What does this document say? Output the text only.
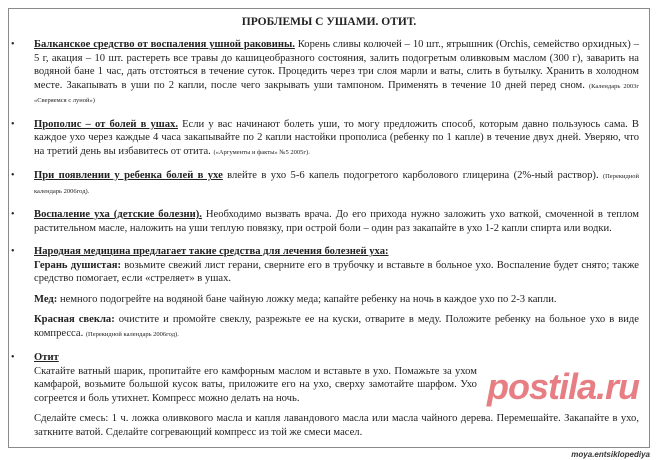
ПРОБЛЕМЫ С УШАМИ. ОТИТ.
• Балканское средство от воспаления ушной раковины. Корень сливы колючей – 10 шт., ятрышник (Orchis, семейство орхидных) – 5 г, акация – 10 шт. растереть все травы до кашицеобразного состояния, залить подогретым оливковым маслом (300 г), заварить на водяной бане 1 час, дать отстояться в течение суток. Процедить через три слоя марли и ваты, слить в бутылку. Хранить в холодном месте. Закапывать в уши по 2 капли, после чего закрывать уши тампоном. Применять в течение 10 дней перед сном. (Календарь 2003г «Сверяемся с луной»)
• Прополис – от болей в ушах. Если у вас начинают болеть уши, то могу предложить способ, которым давно пользуюсь сама. В каждое ухо через каждые 4 часа закапывайте по 2 капли настойки прополиса (ребенку по 1 капле) в течение двух дней. Уверяю, что на третий день вы избавитесь от отита. («Аргументы и факты» №5 2005г).
• При появлении у ребенка болей в ухе влейте в ухо 5-6 капель подогретого карболового глицерина (2%-ный раствор). (Перекидной календарь 2006год).
• Воспаление уха (детские болезни). Необходимо вызвать врача. До его прихода нужно заложить ухо ваткой, смоченной в теплом растительном масле, наложить на уши теплую повязку, при острой боли – один раз закапайте в ухо 1-2 капли спирта или водки.
• Народная медицина предлагает такие средства для лечения болезней уха:

Герань душистая: возьмите свежий лист герани, сверните его в трубочку и вставьте в больное ухо. Воспаление будет снято; также средство помогает, если «стреляет» в ушах.

Мед: немного подогрейте на водяной бане чайную ложку меда; капайте ребенку на ночь в каждое ухо по 2-3 капли.

Красная свекла: очистите и промойте свеклу, разрежьте ее на куски, отварите в меду. Положите ребенку на больное ухо в виде компресса. (Перекидной календарь 2006год).

• Отит

postila.ru

Скатайте ватный шарик, пропитайте его камфорным маслом и вставьте в ухо. Помажьте за ухом камфарой, возьмите большой кусок ваты, приложите его на ухо, сверху замотайте шарфом. Ухо согреется и боль утихнет. Компресс можно делать на ночь.

Сделайте смесь: 1 ч. ложка оливкового масла и капля лавандового масла или масла чайного дерева. Перемешайте. Закапайте в ухо, заткните ватой. Сделайте согревающий компресс из той же смеси масел.

moya.entsiklopediya
